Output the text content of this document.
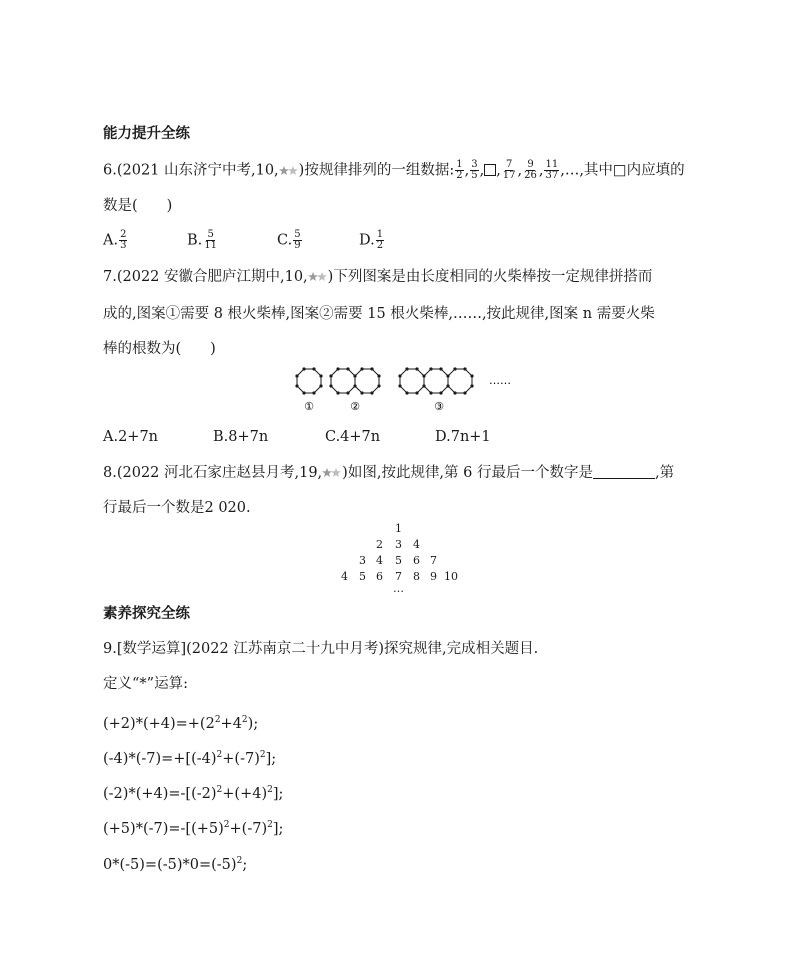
能力提升全练
6.(2021 山东济宁中考,10, )按规律排列的一组数据: $\frac{1}{2}$ , $\frac{3}{5}$ , , $\frac{7}{17}$ , $\frac{9}{26}$ , $\frac{11}{37}$ ,…,其中□内应填的
数是(　　)
A. $\frac{2}{3}$	B. $\frac{5}{11}$	C. $\frac{5}{9}$	D. $\frac{1}{2}$
7.(2022 安徽合肥庐江期中,10, )下列图案是由长度相同的火柴棒按一定规律拼搭而
成的,图案①需要 8 根火柴棒,图案②需要 15 根火柴棒,……,按此规律,图案 n 需要火柴
棒的根数为(　　)
①	②	③
……
A.2+7n	B.8+7n	C.4+7n	D.7n+1
8.(2022 河北石家庄赵县月考,19, )如图,按此规律,第 6 行最后一个数字是	,第
行最后一个数是2 020.
1
2 3 4
3 4 5 6 7
4 5 6 7 8 9 10
…
素养探究全练
9.[数学运算](2022 江苏南京二十九中月考)探究规律,完成相关题目.
定义“*”运算:
$(+2)*(+4)=+(2^2+4^2)$;
$(-4)*(-7)=+[(-4)^2+(-7)^2]$;
$(-2)*(+4)=-[(-2)^2+(+4)^2]$;
$(+5)*(-7)=-[(+5)^2+(-7)^2]$;
$0*(-5)=(-5)*0=(-5)^2$;
